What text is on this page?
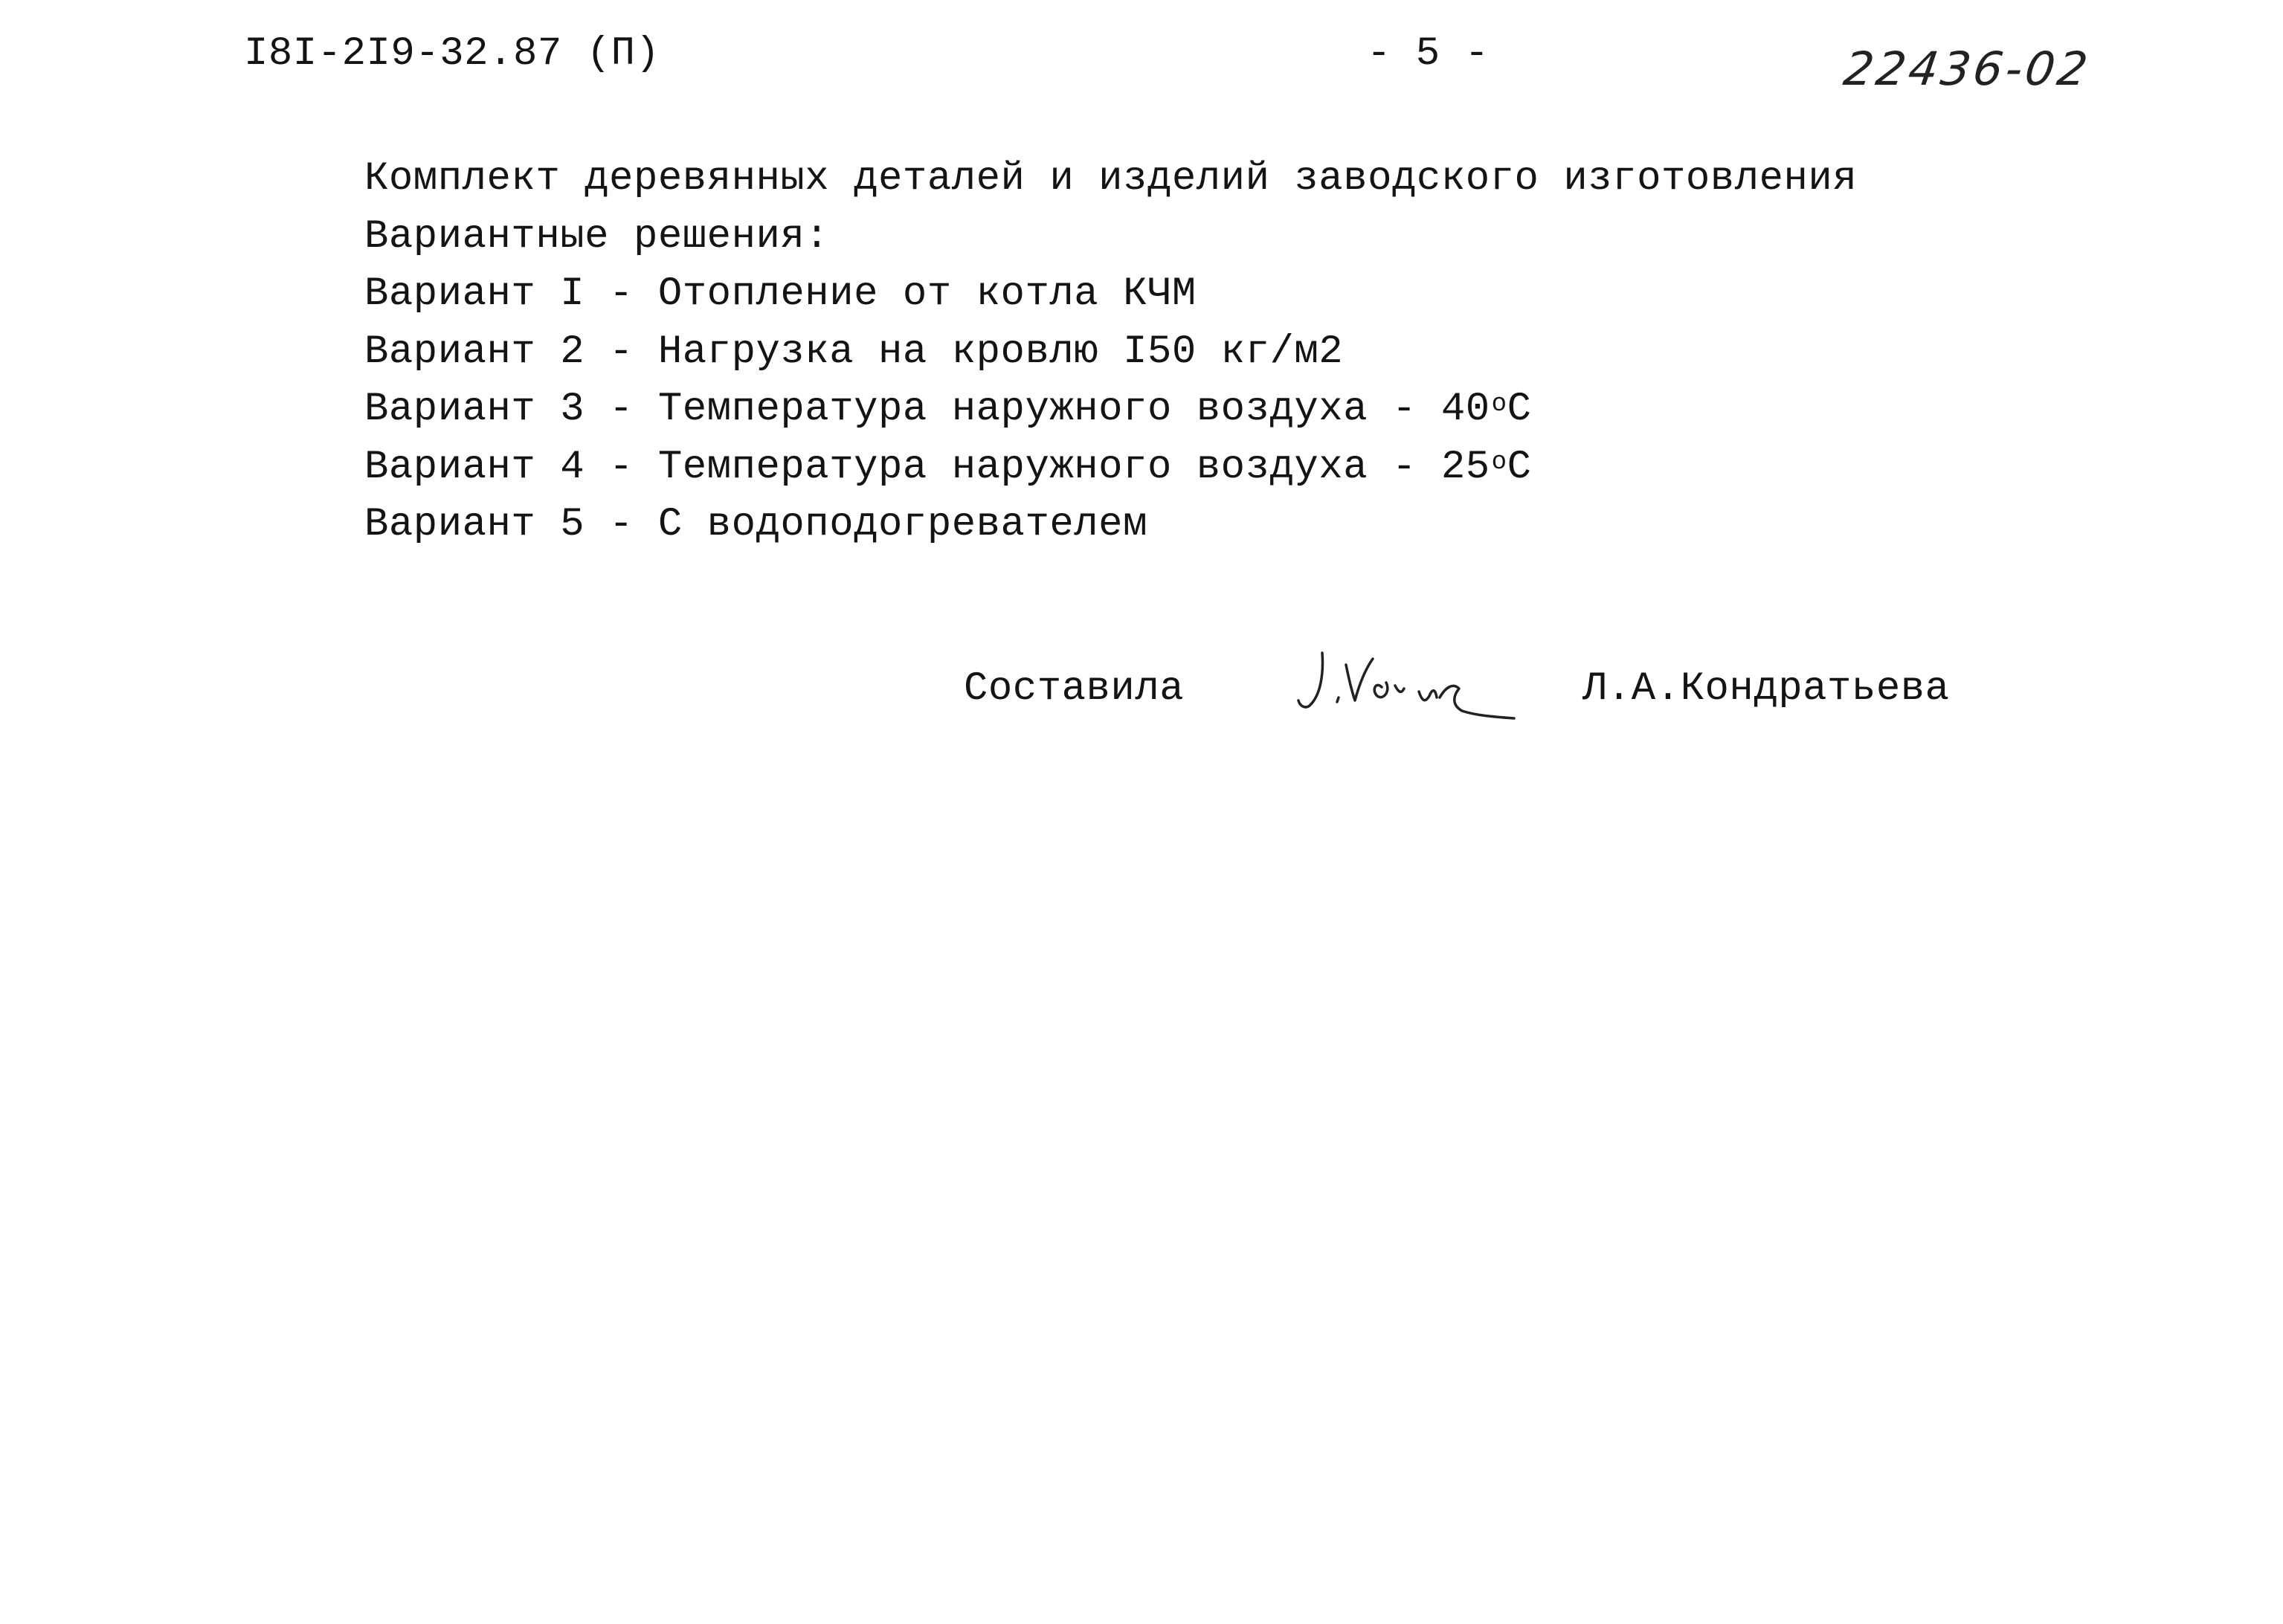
I8I-2I9-32.87 (П)	- 5 -	22436-02
Комплект деревянных деталей и изделий заводского изготовления
Вариантные решения:
Вариант I - Отопление от котла КЧМ
Вариант 2 - Нагрузка на кровлю I50 кг/м2
Вариант 3 - Температура наружного воздуха - 40$^o$C
Вариант 4 - Температура наружного воздуха - 25$^o$C
Вариант 5 - С водоподогревателем
Составила	Л.А.Кондратьева
